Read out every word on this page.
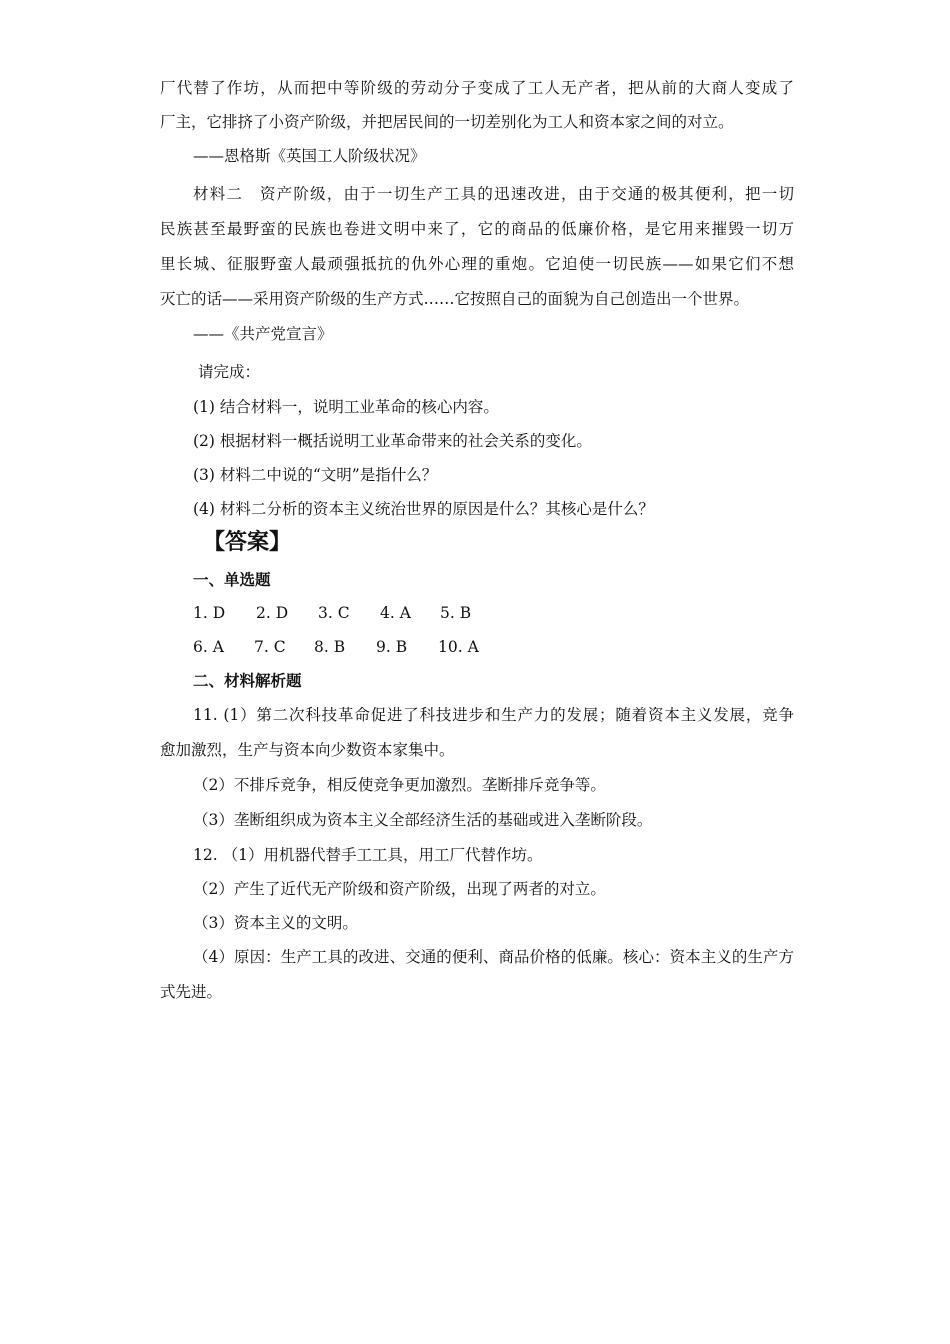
厂代替了作坊，从而把中等阶级的劳动分子变成了工人无产者，把从前的大商人变成了
厂主，它排挤了小资产阶级，并把居民间的一切差别化为工人和资本家之间的对立。
——恩格斯《英国工人阶级状况》
材料二　资产阶级，由于一切生产工具的迅速改进，由于交通的极其便利，把一切
民族甚至最野蛮的民族也卷进文明中来了，它的商品的低廉价格，是它用来摧毁一切万
里长城、征服野蛮人最顽强抵抗的仇外心理的重炮。它迫使一切民族——如果它们不想
灭亡的话——采用资产阶级的生产方式……它按照自己的面貌为自己创造出一个世界。
——《共产党宣言》
请完成：
(1) 结合材料一，说明工业革命的核心内容。
(2) 根据材料一概括说明工业革命带来的社会关系的变化。
(3) 材料二中说的“文明”是指什么？
(4) 材料二分析的资本主义统治世界的原因是什么？其核心是什么？
【答案】
一、单选题
1. D 2. D 3. C 4. A 5. B
6. A 7. C 8. B 9. B 10. A
二、材料解析题
11. (1）第二次科技革命促进了科技进步和生产力的发展；随着资本主义发展，竞争
愈加激烈，生产与资本向少数资本家集中。
（2）不排斥竞争，相反使竞争更加激烈。垄断排斥竞争等。
（3）垄断组织成为资本主义全部经济生活的基础或进入垄断阶段。
12. （1）用机器代替手工工具，用工厂代替作坊。
（2）产生了近代无产阶级和资产阶级，出现了两者的对立。
（3）资本主义的文明。
（4）原因：生产工具的改进、交通的便利、商品价格的低廉。核心：资本主义的生产方
式先进。
